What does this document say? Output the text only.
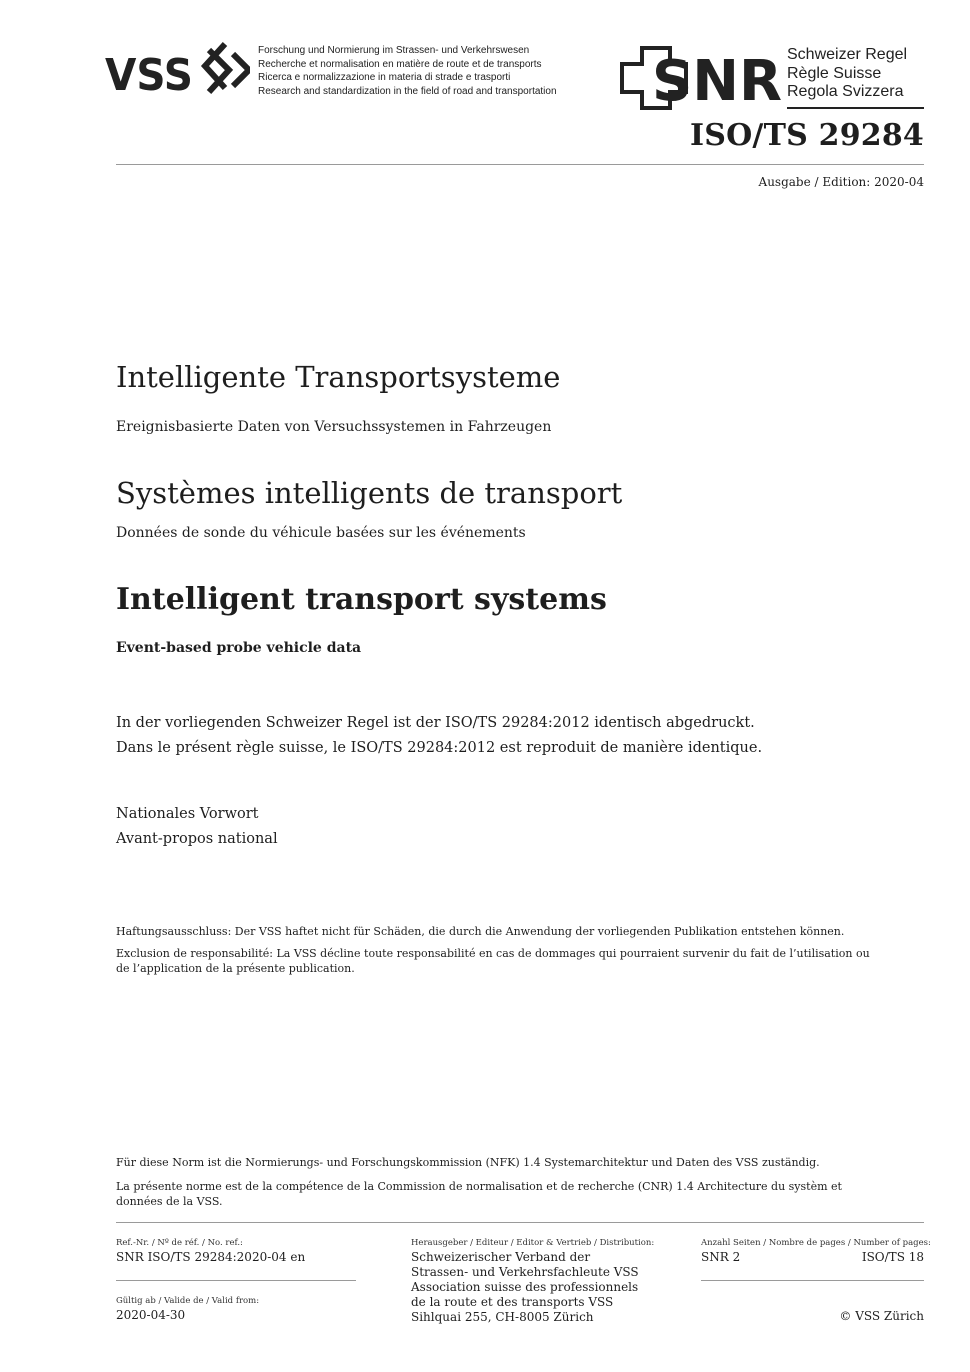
VSS	Forschung und Normierung im Strassen- und Verkehrswesen
Recherche et normalisation en matière de route et de transports
Ricerca e normalizzazione in materia di strade e trasporti
Research and standardization in the field of road and transportation SNR Schweizer Regel
Règle Suisse
Regola Svizzera
ISO/TS 29284
Ausgabe / Edition: 2020-04
Intelligente Transportsysteme
Ereignisbasierte Daten von Versuchssystemen in Fahrzeugen
Systèmes intelligents de transport
Données de sonde du véhicule basées sur les événements
Intelligent transport systems
Event-based probe vehicle data
In der vorliegenden Schweizer Regel ist der ISO/TS 29284:2012 identisch abgedruckt.
Dans le présent règle suisse, le ISO/TS 29284:2012 est reproduit de manière identique.
Nationales Vorwort
Avant-propos national
Haftungsausschluss: Der VSS haftet nicht für Schäden, die durch die Anwendung der vorliegenden Publikation entstehen können.
Exclusion de responsabilité: La VSS décline toute responsabilité en cas de dommages qui pourraient survenir du fait de l’utilisation ou de l’application de la présente publication.
Für diese Norm ist die Normierungs- und Forschungskommission (NFK) 1.4 Systemarchitektur und Daten des VSS zuständig.
La présente norme est de la compétence de la Commission de normalisation et de recherche (CNR) 1.4 Architecture du systèm et données de la VSS.
Ref.-Nr. / Nº de réf. / No. ref.:
SNR ISO/TS 29284:2020-04 en
Gültig ab / Valide de / Valid from:
2020-04-30
Herausgeber / Editeur / Editor & Vertrieb / Distribution:
Schweizerischer Verband der
Strassen- und Verkehrsfachleute VSS
Association suisse des professionnels
de la route et des transports VSS
Sihlquai 255, CH-8005 Zürich
Anzahl Seiten / Nombre de pages / Number of pages:
SNR 2	ISO/TS 18
© VSS Zürich
